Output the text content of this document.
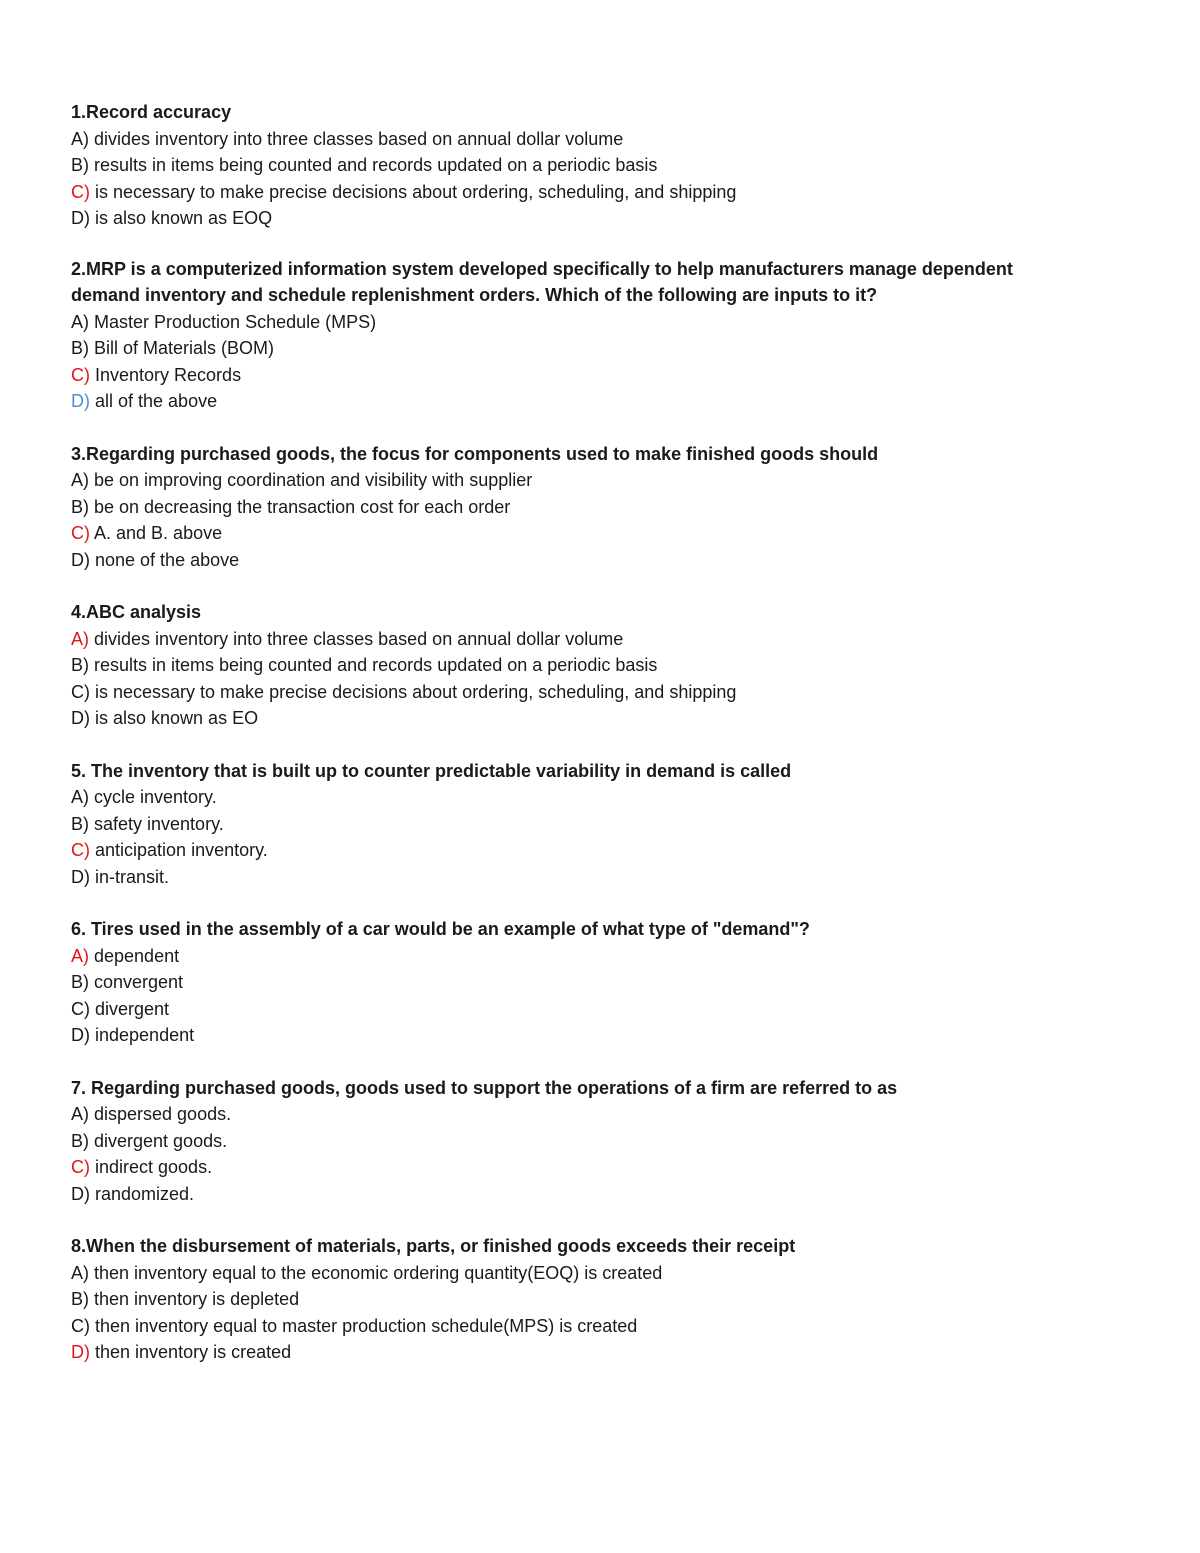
1.Record accuracy

A) divides inventory into three classes based on annual dollar volume

B) results in items being counted and records updated on a periodic basis

C) is necessary to make precise decisions about ordering, scheduling, and shipping

D) is also known as EOQ

2.MRP is a computerized information system developed specifically to help manufacturers manage dependent demand inventory and schedule replenishment orders. Which of the following are inputs to it?

A) Master Production Schedule (MPS)

B) Bill of Materials (BOM)

C) Inventory Records

D) all of the above

3.Regarding purchased goods, the focus for components used to make finished goods should

A) be on improving coordination and visibility with supplier

B) be on decreasing the transaction cost for each order

C) A. and B. above

D) none of the above

4.ABC analysis

A) divides inventory into three classes based on annual dollar volume

B) results in items being counted and records updated on a periodic basis

C) is necessary to make precise decisions about ordering, scheduling, and shipping

D) is also known as EO

5. The inventory that is built up to counter predictable variability in demand is called

A) cycle inventory.

B) safety inventory.

C) anticipation inventory.

D) in-transit.

6. Tires used in the assembly of a car would be an example of what type of "demand"?

A) dependent

B) convergent

C) divergent

D) independent

7. Regarding purchased goods, goods used to support the operations of a firm are referred to as

A) dispersed goods.

B) divergent goods.

C) indirect goods.

D) randomized.

8.When the disbursement of materials, parts, or finished goods exceeds their receipt

A) then inventory equal to the economic ordering quantity(EOQ) is created

B) then inventory is depleted

C) then inventory equal to master production schedule(MPS) is created

D) then inventory is created
